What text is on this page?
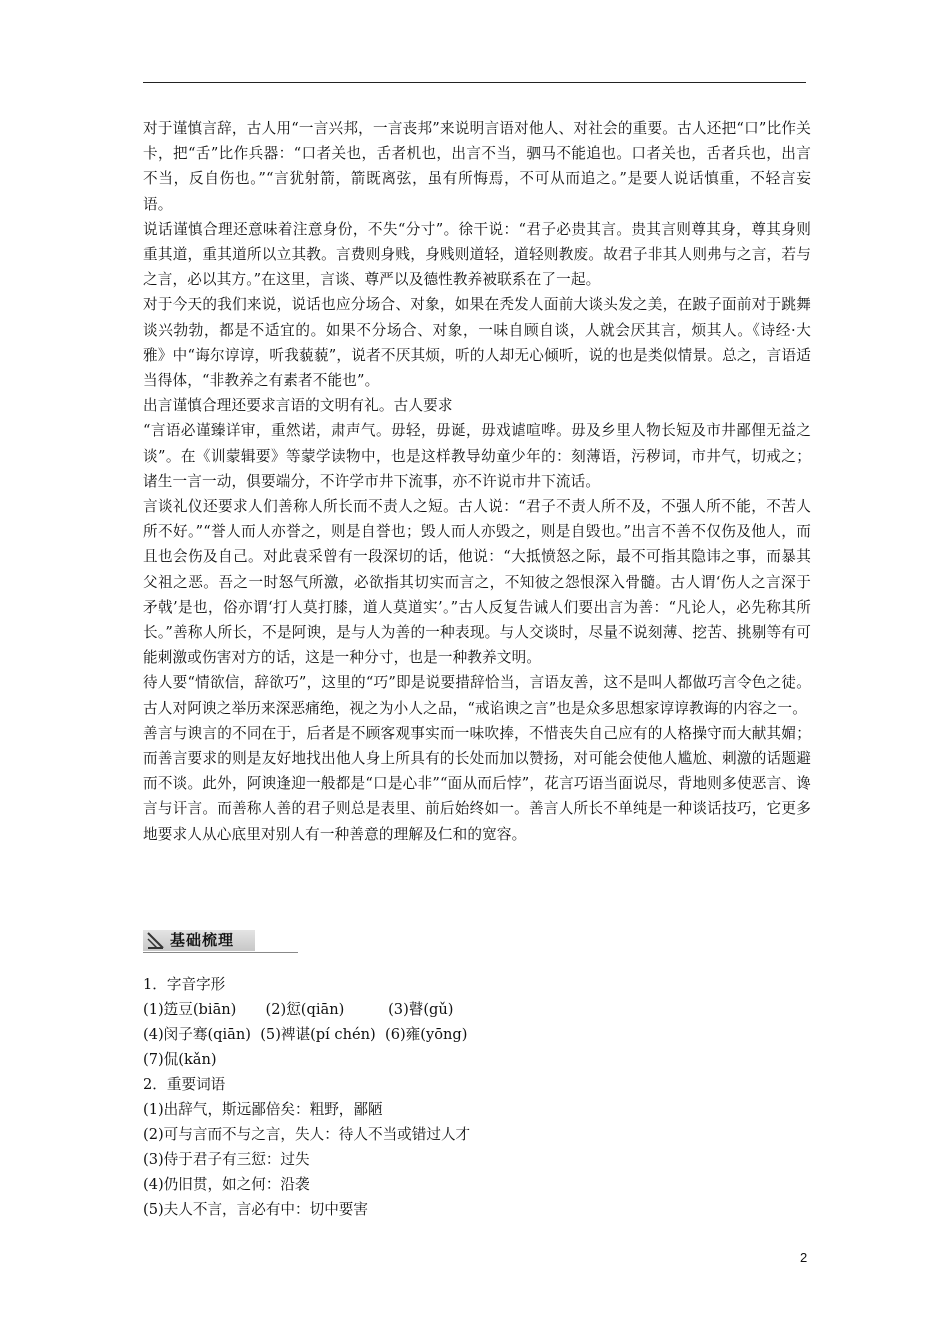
对于谨慎言辞，古人用“一言兴邦，一言丧邦”来说明言语对他人、对社会的重要。古人还把“口”比作关卡，把“舌”比作兵器：“口者关也，舌者机也，出言不当，驷马不能追也。口者关也，舌者兵也，出言不当，反自伤也。”“言犹射箭，箭既离弦，虽有所悔焉，不可从而追之。”是要人说话慎重，不轻言妄语。

说话谨慎合理还意味着注意身份，不失“分寸”。徐干说：“君子必贵其言。贵其言则尊其身，尊其身则重其道，重其道所以立其教。言费则身贱，身贱则道轻，道轻则教废。故君子非其人则弗与之言，若与之言，必以其方。”在这里，言谈、尊严以及德性教养被联系在了一起。

对于今天的我们来说，说话也应分场合、对象，如果在秃发人面前大谈头发之美，在跛子面前对于跳舞谈兴勃勃，都是不适宜的。如果不分场合、对象，一味自顾自谈，人就会厌其言，烦其人。《诗经·大雅》中“诲尔谆谆，听我藐藐”，说者不厌其烦，听的人却无心倾听，说的也是类似情景。总之，言语适当得体，“非教养之有素者不能也”。

出言谨慎合理还要求言语的文明有礼。古人要求

“言语必谨臻详审，重然诺，肃声气。毋轻，毋诞，毋戏谑喧哗。毋及乡里人物长短及市井鄙俚无益之谈”。在《训蒙辑要》等蒙学读物中，也是这样教导幼童少年的：刻薄语，污秽词，市井气，切戒之；诸生一言一动，俱要端分，不许学市井下流事，亦不许说市井下流话。

言谈礼仪还要求人们善称人所长而不责人之短。古人说：“君子不责人所不及，不强人所不能，不苦人所不好。”“誉人而人亦誉之，则是自誉也；毁人而人亦毁之，则是自毁也。”出言不善不仅伤及他人，而且也会伤及自己。对此袁采曾有一段深切的话，他说：“大抵愤怒之际，最不可指其隐讳之事，而暴其父祖之恶。吾之一时怒气所激，必欲指其切实而言之，不知彼之怨恨深入骨髓。古人谓‘伤人之言深于矛戟’是也，俗亦谓‘打人莫打膝，道人莫道实’。”古人反复告诫人们要出言为善：“凡论人，必先称其所长。”善称人所长，不是阿谀，是与人为善的一种表现。与人交谈时，尽量不说刻薄、挖苦、挑剔等有可能刺激或伤害对方的话，这是一种分寸，也是一种教养文明。

待人要“情欲信，辞欲巧”，这里的“巧”即是说要措辞恰当，言语友善，这不是叫人都做巧言令色之徒。古人对阿谀之举历来深恶痛绝，视之为小人之品，“戒谄谀之言”也是众多思想家谆谆教诲的内容之一。

善言与谀言的不同在于，后者是不顾客观事实而一味吹捧，不惜丧失自己应有的人格操守而大献其媚；而善言要求的则是友好地找出他人身上所具有的长处而加以赞扬，对可能会使他人尴尬、刺激的话题避而不谈。此外，阿谀逢迎一般都是“口是心非”“面从而后悖”，花言巧语当面说尽，背地则多使恶言、谗言与讦言。而善称人善的君子则总是表里、前后始终如一。善言人所长不单纯是一种谈话技巧，它更多地要求人从心底里对别人有一种善意的理解及仁和的宽容。

基础梳理
1．字音字形
(1)笾豆(biān)　　(2)愆(qiān)　　　(3)瞽(gǔ)
(4)闵子骞(qiān)  (5)裨谌(pí chén)  (6)雍(yōng)
(7)侃(kǎn)
2．重要词语
(1)出辞气，斯远鄙倍矣：粗野，鄙陋
(2)可与言而不与之言，失人：待人不当或错过人才
(3)侍于君子有三愆：过失
(4)仍旧贯，如之何：沿袭
(5)夫人不言，言必有中：切中要害
2
